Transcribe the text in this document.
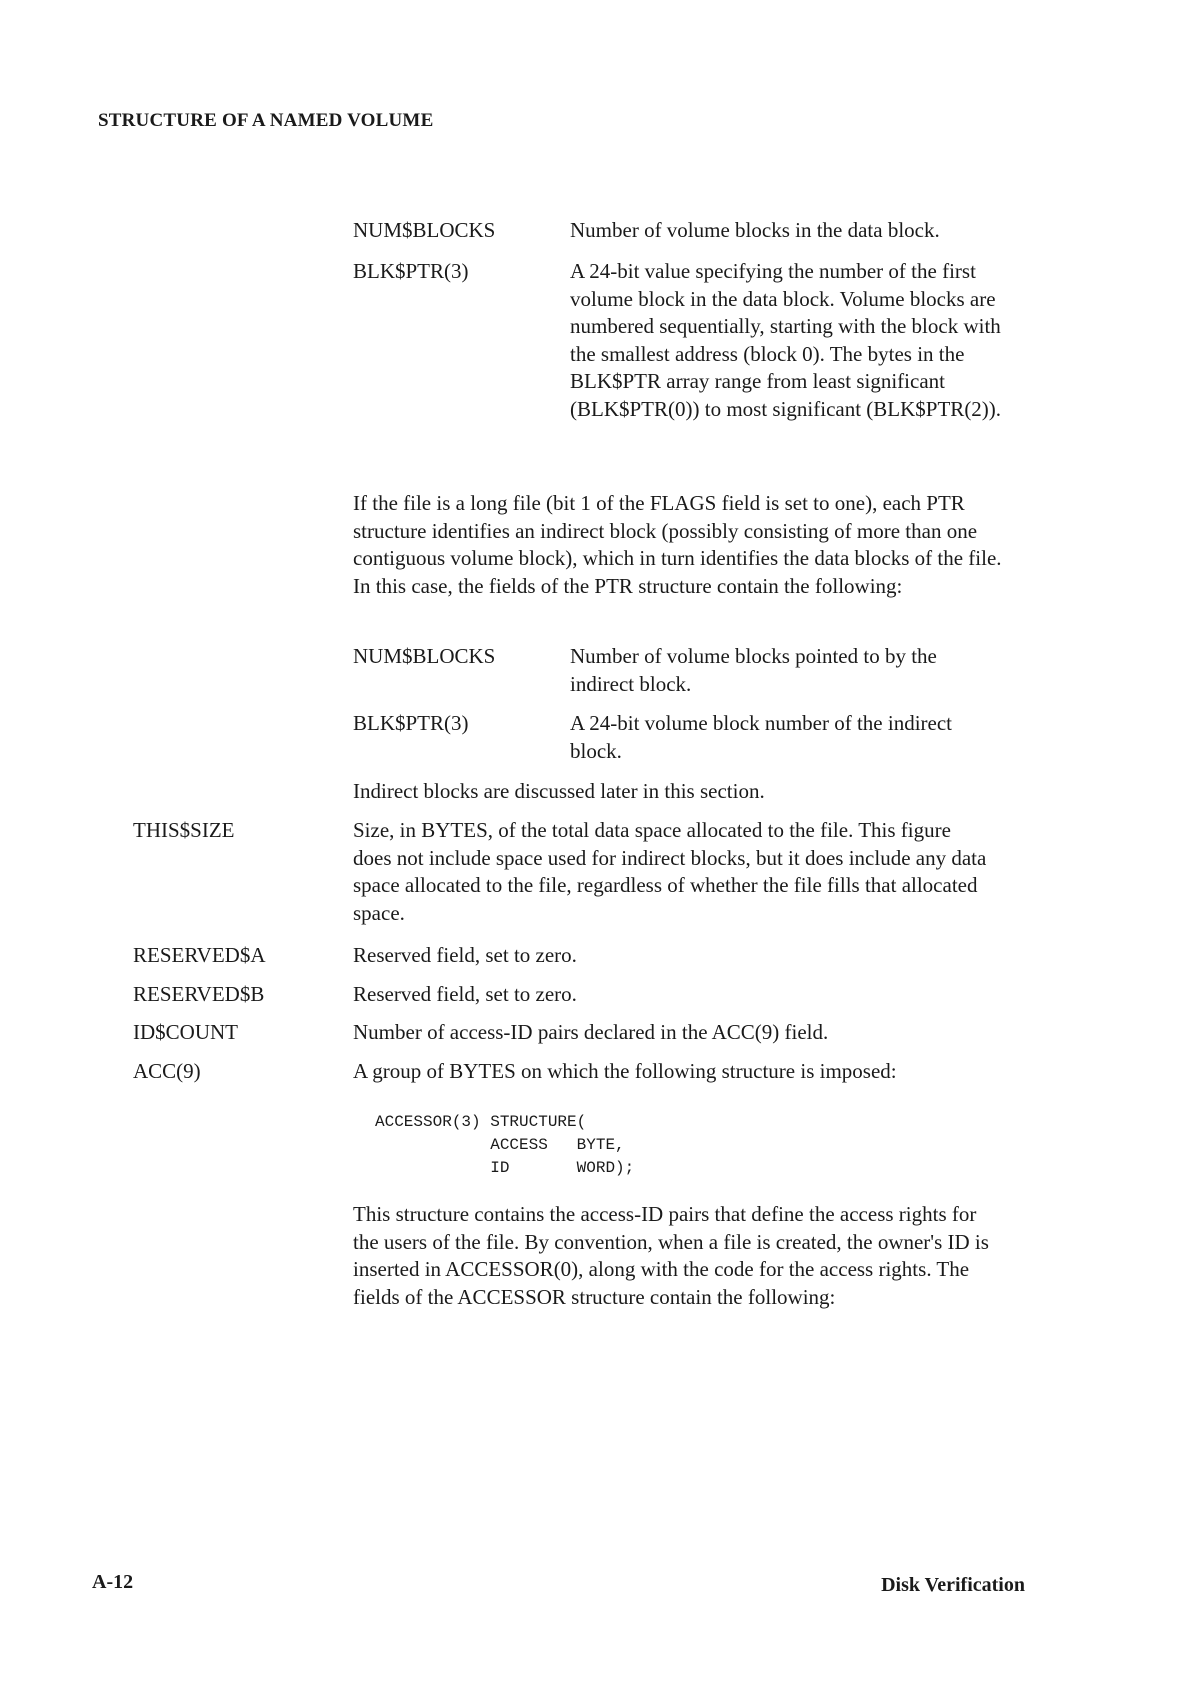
STRUCTURE OF A NAMED VOLUME
NUM$BLOCKS	Number of volume blocks in the data block.
BLK$PTR(3)	A 24-bit value specifying the number of the first volume block in the data block. Volume blocks are numbered sequentially, starting with the block with the smallest address (block 0). The bytes in the BLK$PTR array range from least significant (BLK$PTR(0)) to most significant (BLK$PTR(2)).
If the file is a long file (bit 1 of the FLAGS field is set to one), each PTR structure identifies an indirect block (possibly consisting of more than one contiguous volume block), which in turn identifies the data blocks of the file. In this case, the fields of the PTR structure contain the following:
NUM$BLOCKS	Number of volume blocks pointed to by the indirect block.
BLK$PTR(3)	A 24-bit volume block number of the indirect block.
Indirect blocks are discussed later in this section.
THIS$SIZE	Size, in BYTES, of the total data space allocated to the file. This figure does not include space used for indirect blocks, but it does include any data space allocated to the file, regardless of whether the file fills that allocated space.
RESERVED$A	Reserved field, set to zero.
RESERVED$B	Reserved field, set to zero.
ID$COUNT	Number of access-ID pairs declared in the ACC(9) field.
ACC(9)	A group of BYTES on which the following structure is imposed:
ACCESSOR(3) STRUCTURE(
ACCESS   BYTE,
ID       WORD);
This structure contains the access-ID pairs that define the access rights for the users of the file. By convention, when a file is created, the owner's ID is inserted in ACCESSOR(0), along with the code for the access rights. The fields of the ACCESSOR structure contain the following:
A-12	Disk Verification
